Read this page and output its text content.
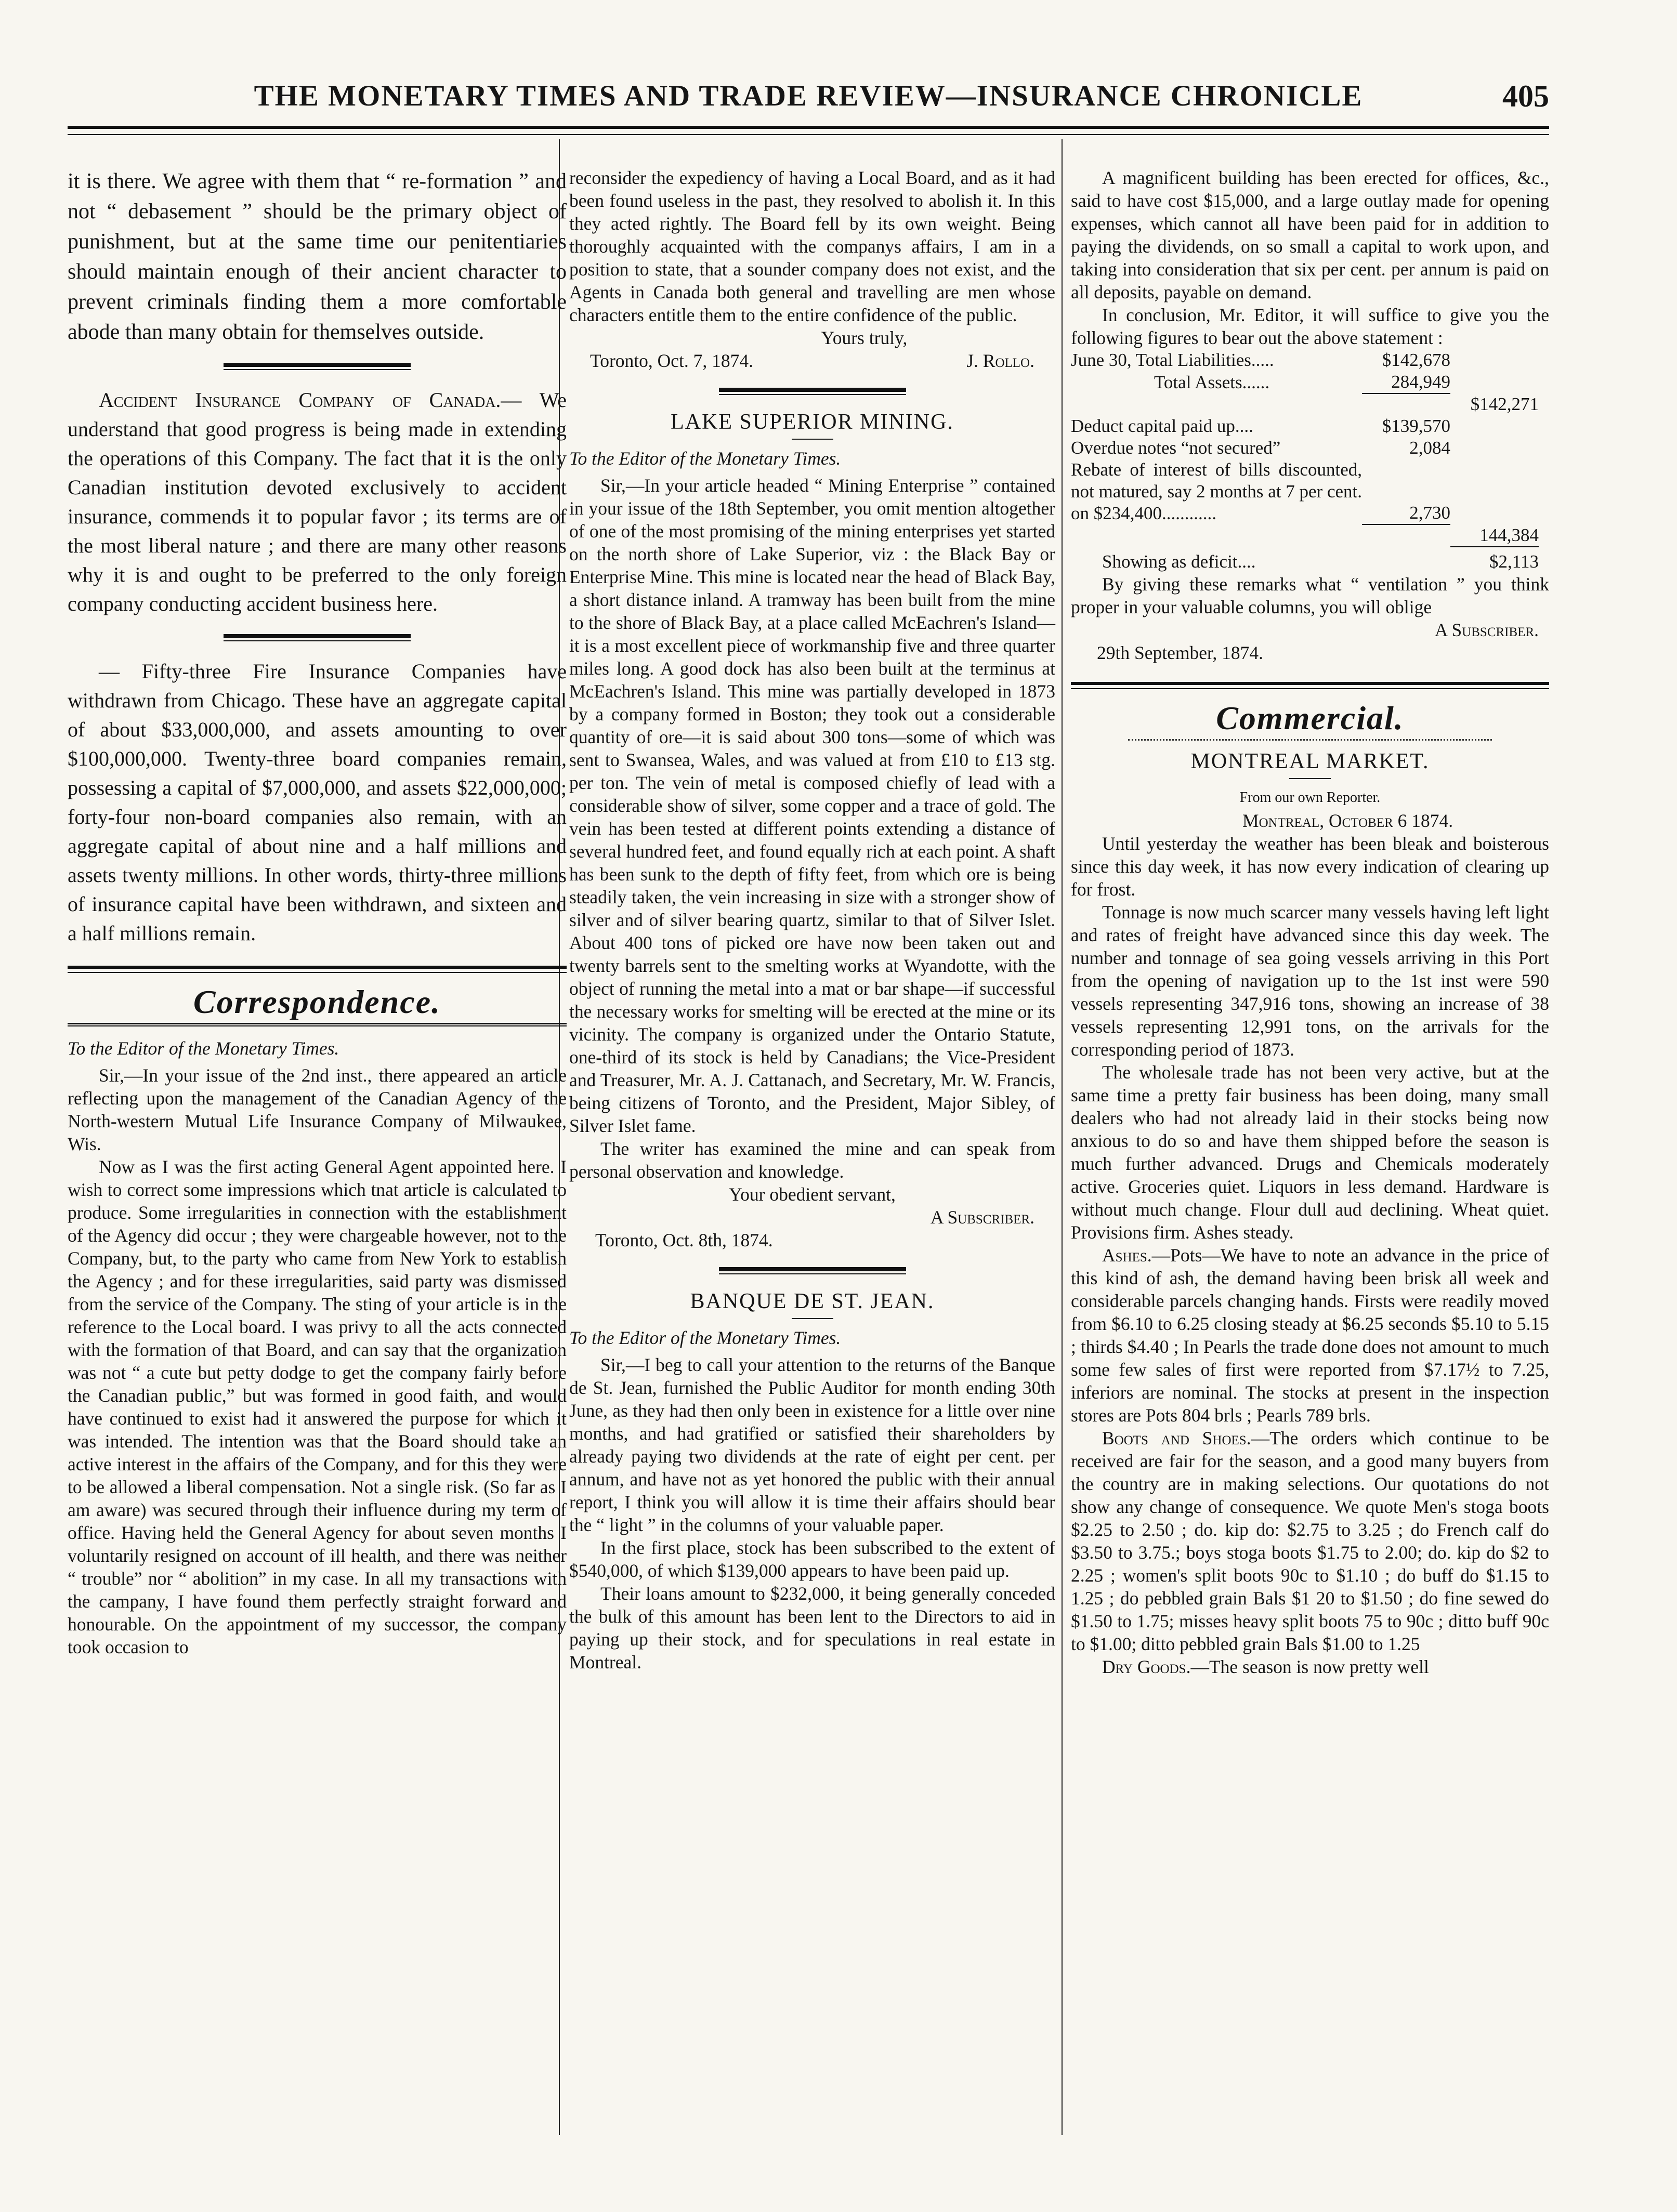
THE MONETARY TIMES AND TRADE REVIEW—INSURANCE CHRONICLE	405

it is there. We agree with them that “ re-formation ” and not “ debasement ” should be the primary object of punishment, but at the same time our penitentiaries should maintain enough of their ancient character to prevent criminals finding them a more comfortable abode than many obtain for themselves outside.

Accident Insurance Company of Canada.— We understand that good progress is being made in extending the operations of this Company. The fact that it is the only Canadian institution devoted exclusively to accident insurance, commends it to popular favor ; its terms are of the most liberal nature ; and there are many other reasons why it is and ought to be preferred to the only foreign company conducting accident business here.

— Fifty-three Fire Insurance Companies have withdrawn from Chicago. These have an aggregate capital of about $33,000,000, and assets amounting to over $100,000,000. Twenty-three board companies remain, possessing a capital of $7,000,000, and assets $22,000,000; forty-four non-board companies also remain, with an aggregate capital of about nine and a half millions and assets twenty millions. In other words, thirty-three millions of insurance capital have been withdrawn, and sixteen and a half millions remain.

Correspondence.

To the Editor of the Monetary Times.

Sir,—In your issue of the 2nd inst., there appeared an article reflecting upon the management of the Canadian Agency of the North-western Mutual Life Insurance Company of Milwaukee, Wis.

Now as I was the first acting General Agent appointed here. I wish to correct some impressions which tnat article is calculated to produce. Some irregularities in connection with the establishment of the Agency did occur ; they were chargeable however, not to the Company, but, to the party who came from New York to establish the Agency ; and for these irregularities, said party was dismissed from the service of the Company. The sting of your article is in the reference to the Local board. I was privy to all the acts connected with the formation of that Board, and can say that the organization was not “ a cute but petty dodge to get the company fairly before the Canadian public,” but was formed in good faith, and would have continued to exist had it answered the purpose for which it was intended. The intention was that the Board should take an active interest in the affairs of the Company, and for this they were to be allowed a liberal compensation. Not a single risk. (So far as I am aware) was secured through their influence during my term of office. Having held the General Agency for about seven months I voluntarily resigned on account of ill health, and there was neither “ trouble” nor “ abolition” in my case. In all my transactions with the campany, I have found them perfectly straight forward and honourable. On the appointment of my successor, the company took occasion to

reconsider the expediency of having a Local Board, and as it had been found useless in the past, they resolved to abolish it. In this they acted rightly. The Board fell by its own weight. Being thoroughly acquainted with the companys affairs, I am in a position to state, that a sounder company does not exist, and the Agents in Canada both general and travelling are men whose characters entitle them to the entire confidence of the public.

Yours truly,

Toronto, Oct. 7, 1874.	J. Rollo.

LAKE SUPERIOR MINING.

To the Editor of the Monetary Times.

Sir,—In your article headed “ Mining Enterprise ” contained in your issue of the 18th September, you omit mention altogether of one of the most promising of the mining enterprises yet started on the north shore of Lake Superior, viz : the Black Bay or Enterprise Mine. This mine is located near the head of Black Bay, a short distance inland. A tramway has been built from the mine to the shore of Black Bay, at a place called McEachren's Island—it is a most excellent piece of workmanship five and three quarter miles long. A good dock has also been built at the terminus at McEachren's Island. This mine was partially developed in 1873 by a company formed in Boston; they took out a considerable quantity of ore—it is said about 300 tons—some of which was sent to Swansea, Wales, and was valued at from £10 to £13 stg. per ton. The vein of metal is composed chiefly of lead with a considerable show of silver, some copper and a trace of gold. The vein has been tested at different points extending a distance of several hundred feet, and found equally rich at each point. A shaft has been sunk to the depth of fifty feet, from which ore is being steadily taken, the vein increasing in size with a stronger show of silver and of silver bearing quartz, similar to that of Silver Islet. About 400 tons of picked ore have now been taken out and twenty barrels sent to the smelting works at Wyandotte, with the object of running the metal into a mat or bar shape—if successful the necessary works for smelting will be erected at the mine or its vicinity. The company is organized under the Ontario Statute, one-third of its stock is held by Canadians; the Vice-President and Treasurer, Mr. A. J. Cattanach, and Secretary, Mr. W. Francis, being citizens of Toronto, and the President, Major Sibley, of Silver Islet fame.

The writer has examined the mine and can speak from personal observation and knowledge.

Your obedient servant,

A Subscriber.

Toronto, Oct. 8th, 1874.

BANQUE DE ST. JEAN.

To the Editor of the Monetary Times.

Sir,—I beg to call your attention to the returns of the Banque de St. Jean, furnished the Public Auditor for month ending 30th June, as they had then only been in existence for a little over nine months, and had gratified or satisfied their shareholders by already paying two dividends at the rate of eight per cent. per annum, and have not as yet honored the public with their annual report, I think you will allow it is time their affairs should bear the “ light ” in the columns of your valuable paper.

In the first place, stock has been subscribed to the extent of $540,000, of which $139,000 appears to have been paid up.

Their loans amount to $232,000, it being generally conceded the bulk of this amount has been lent to the Directors to aid in paying up their stock, and for speculations in real estate in Montreal.

A magnificent building has been erected for offices, &c., said to have cost $15,000, and a large outlay made for opening expenses, which cannot all have been paid for in addition to paying the dividends, on so small a capital to work upon, and taking into consideration that six per cent. per annum is paid on all deposits, payable on demand.

In conclusion, Mr. Editor, it will suffice to give you the following figures to bear out the above statement :

June 30, Total Liabilities.....	$142,678	
Total Assets......	284,949	
		$142,271
Deduct capital paid up....	$139,570	
Overdue notes “not secured”	2,084	
Rebate of interest of bills discounted, not matured, say 2 months at 7 per cent. on $234,400............	2,730	
		144,384
Showing as deficit....		$2,113

By giving these remarks what “ ventilation ” you think proper in your valuable columns, you will oblige

A Subscriber.

29th September, 1874.

Commercial.
MONTREAL MARKET.

From our own Reporter.

Montreal, October 6 1874.

Until yesterday the weather has been bleak and boisterous since this day week, it has now every indication of clearing up for frost.

Tonnage is now much scarcer many vessels having left light and rates of freight have advanced since this day week. The number and tonnage of sea going vessels arriving in this Port from the opening of navigation up to the 1st inst were 590 vessels representing 347,916 tons, showing an increase of 38 vessels representing 12,991 tons, on the arrivals for the corresponding period of 1873.

The wholesale trade has not been very active, but at the same time a pretty fair business has been doing, many small dealers who had not already laid in their stocks being now anxious to do so and have them shipped before the season is much further advanced. Drugs and Chemicals moderately active. Groceries quiet. Liquors in less demand. Hardware is without much change. Flour dull aud declining. Wheat quiet. Provisions firm. Ashes steady.

Ashes.—Pots—We have to note an advance in the price of this kind of ash, the demand having been brisk all week and considerable parcels changing hands. Firsts were readily moved from $6.10 to 6.25 closing steady at $6.25 seconds $5.10 to 5.15 ; thirds $4.40 ; In Pearls the trade done does not amount to much some few sales of first were reported from $7.17½ to 7.25, inferiors are nominal. The stocks at present in the inspection stores are Pots 804 brls ; Pearls 789 brls.

Boots and Shoes.—The orders which continue to be received are fair for the season, and a good many buyers from the country are in making selections. Our quotations do not show any change of consequence. We quote Men's stoga boots $2.25 to 2.50 ; do. kip do: $2.75 to 3.25 ; do French calf do $3.50 to 3.75.; boys stoga boots $1.75 to 2.00; do. kip do $2 to 2.25 ; women's split boots 90c to $1.10 ; do buff do $1.15 to 1.25 ; do pebbled grain Bals $1 20 to $1.50 ; do fine sewed do $1.50 to 1.75; misses heavy split boots 75 to 90c ; ditto buff 90c to $1.00; ditto pebbled grain Bals $1.00 to 1.25

Dry Goods.—The season is now pretty well
